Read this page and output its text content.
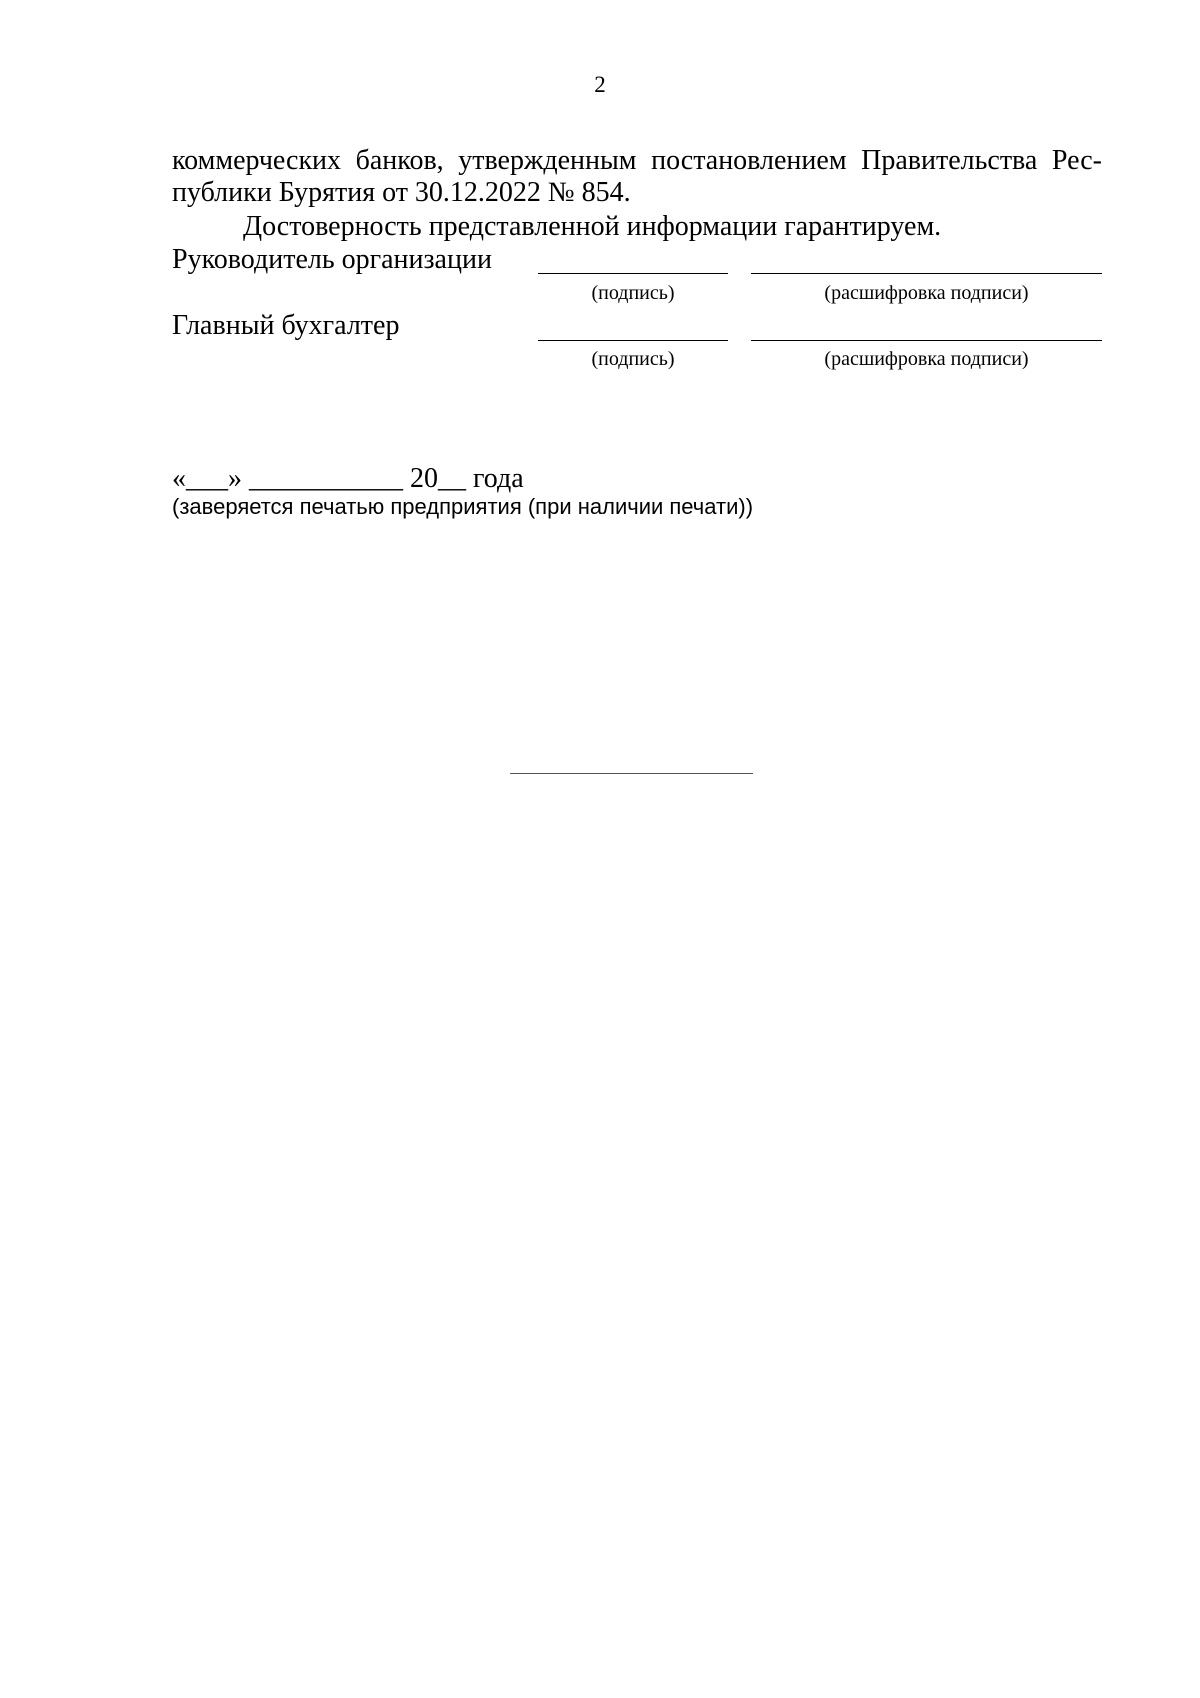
2
коммерческих банков, утвержденным постановлением Правительства Рес-
публики Бурятия от 30.12.2022 № 854.
Достоверность представленной информации гарантируем.
Руководитель организации
(подпись)	(расшифровка подписи)
Главный бухгалтер
(подпись)	(расшифровка подписи)
«___» ___________ 20__ года
(заверяется печатью предприятия (при наличии печати))
